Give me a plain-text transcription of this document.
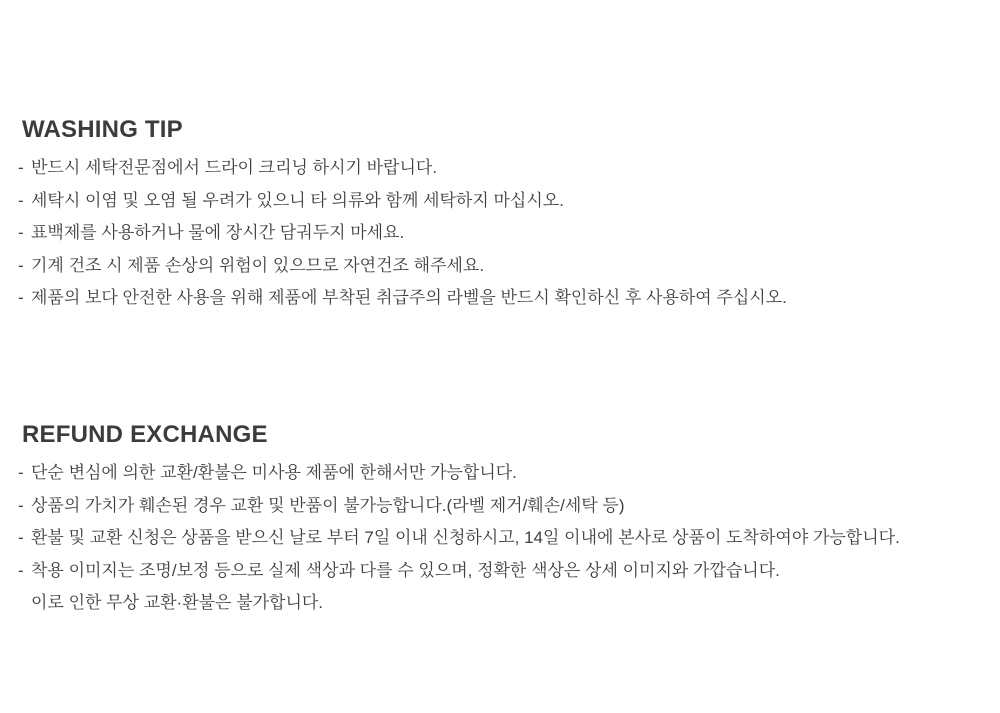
WASHING TIP
- 반드시 세탁전문점에서 드라이 크리닝 하시기 바랍니다.
- 세탁시 이염 및 오염 될 우려가 있으니 타 의류와 함께 세탁하지 마십시오.
- 표백제를 사용하거나 물에 장시간 담궈두지 마세요.
- 기계 건조 시 제품 손상의 위험이 있으므로 자연건조 해주세요.
- 제품의 보다 안전한 사용을 위해 제품에 부착된 취급주의 라벨을 반드시 확인하신 후 사용하여 주십시오.
REFUND EXCHANGE
- 단순 변심에 의한 교환/환불은 미사용 제품에 한해서만 가능합니다.
- 상품의 가치가 훼손된 경우 교환 및 반품이 불가능합니다.(라벨 제거/훼손/세탁 등)
- 환불 및 교환 신청은 상품을 받으신 날로 부터 7일 이내 신청하시고, 14일 이내에 본사로 상품이 도착하여야 가능합니다.
- 착용 이미지는 조명/보정 등으로 실제 색상과 다를 수 있으며, 정확한 색상은 상세 이미지와 가깝습니다.
이로 인한 무상 교환·환불은 불가합니다.
